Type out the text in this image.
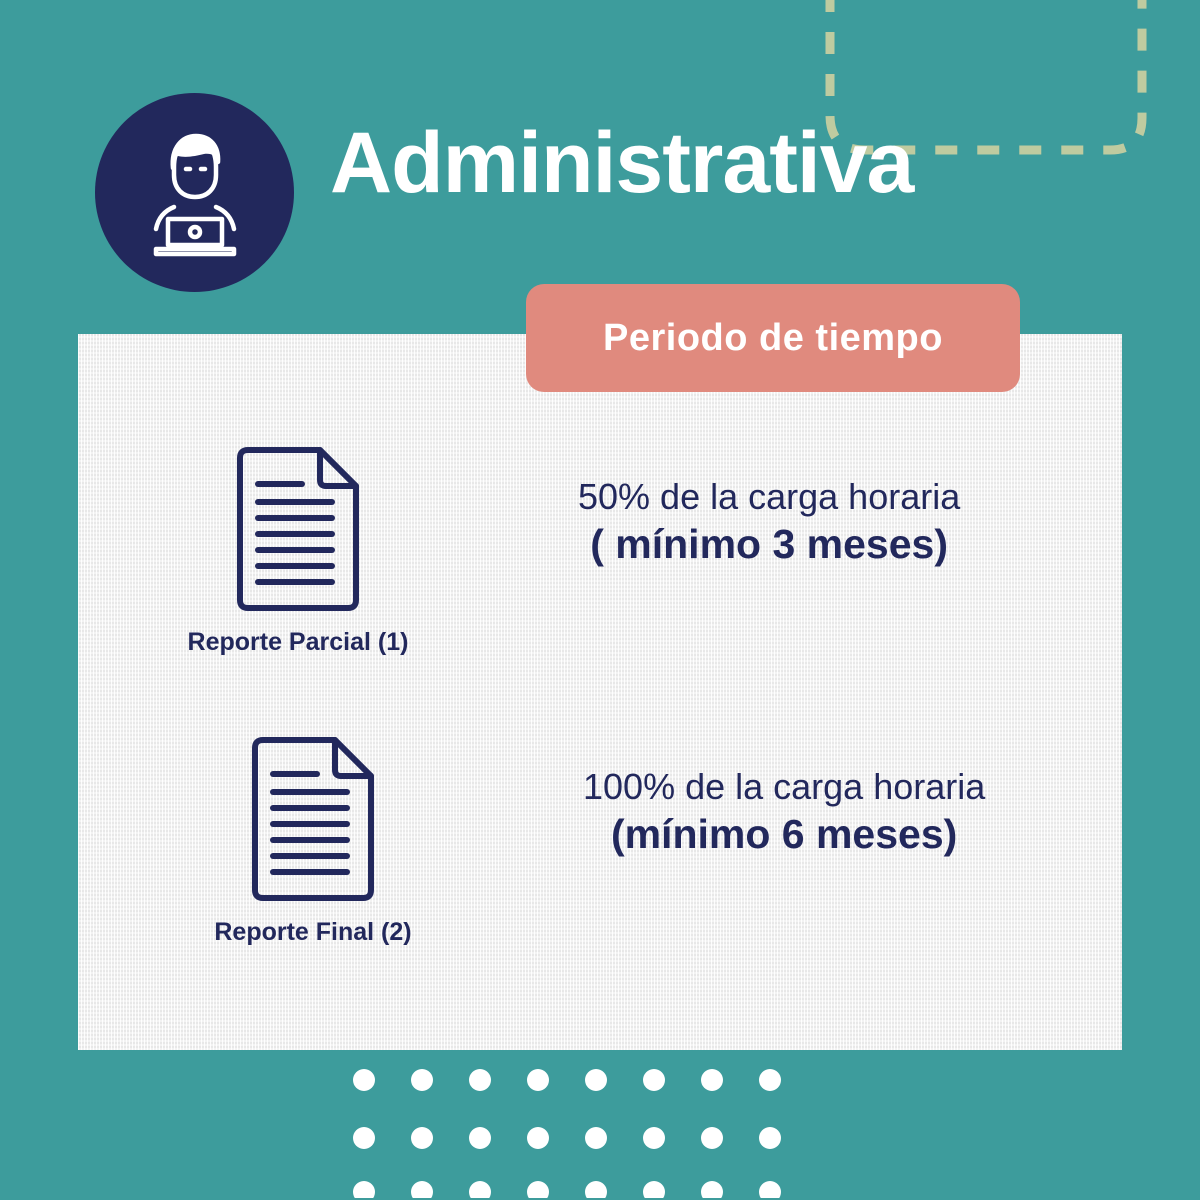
Administrativa
Reporte Parcial (1)
50% de la carga horaria
( mínimo 3 meses)
Reporte Final (2)
100% de la carga horaria
(mínimo 6 meses)
Periodo de tiempo
